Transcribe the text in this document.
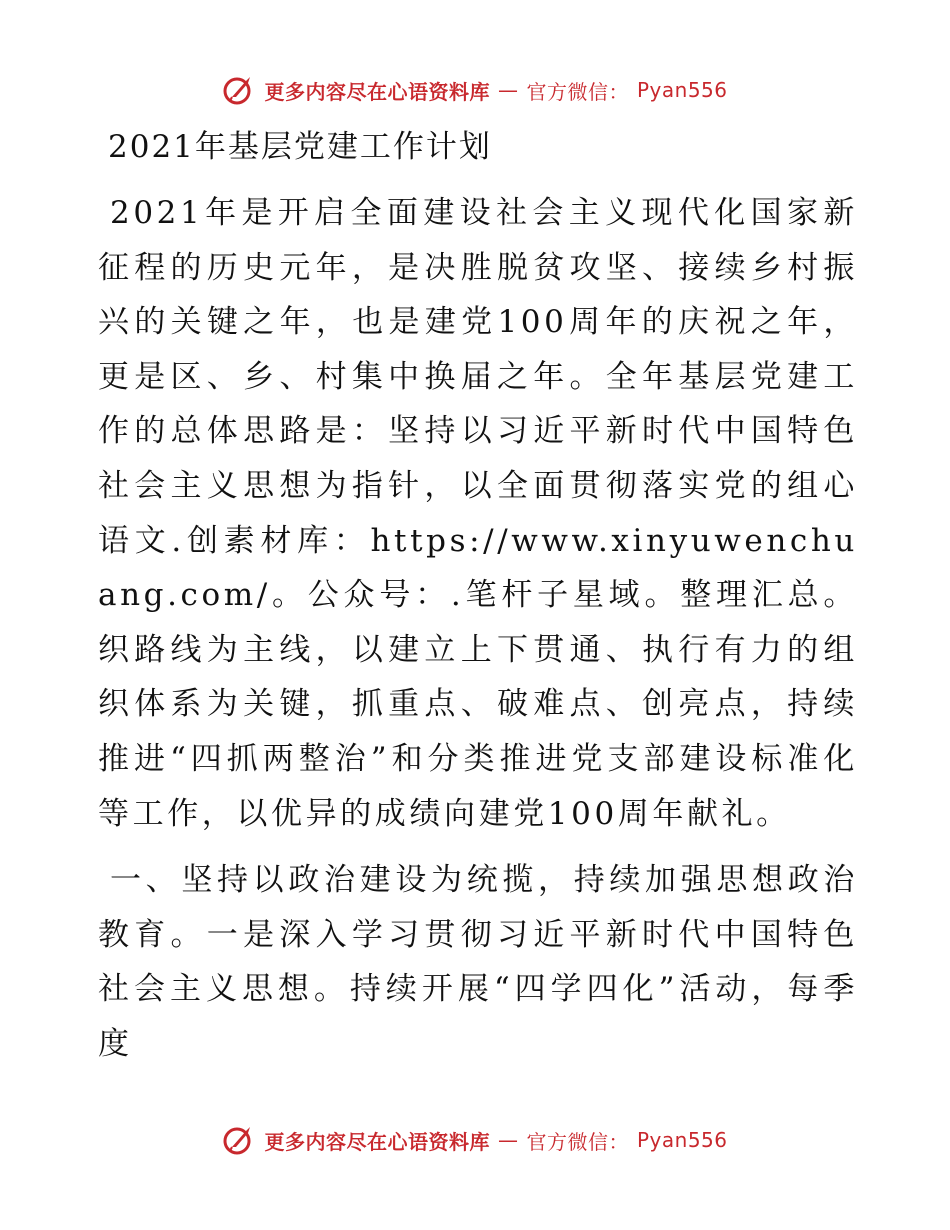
更多内容尽在心语资料库 — 官方微信： Pyan556
2021年基层党建工作计划

2021年是开启全面建设社会主义现代化国家新征程的历史元年，是决胜脱贫攻坚、接续乡村振兴的关键之年，也是建党100周年的庆祝之年，更是区、乡、村集中换届之年。全年基层党建工作的总体思路是：坚持以习近平新时代中国特色社会主义思想为指针，以全面贯彻落实党的组心语文.创素材库：https://www.xinyuwenchuang.com/。公众号：.笔杆子星域。整理汇总。织路线为主线，以建立上下贯通、执行有力的组织体系为关键，抓重点、破难点、创亮点，持续推进“四抓两整治”和分类推进党支部建设标准化等工作，以优异的成绩向建党100周年献礼。

一、坚持以政治建设为统揽，持续加强思想政治教育。一是深入学习贯彻习近平新时代中国特色社会主义思想。持续开展“四学四化”活动，每季度

更多内容尽在心语资料库 — 官方微信： Pyan556
